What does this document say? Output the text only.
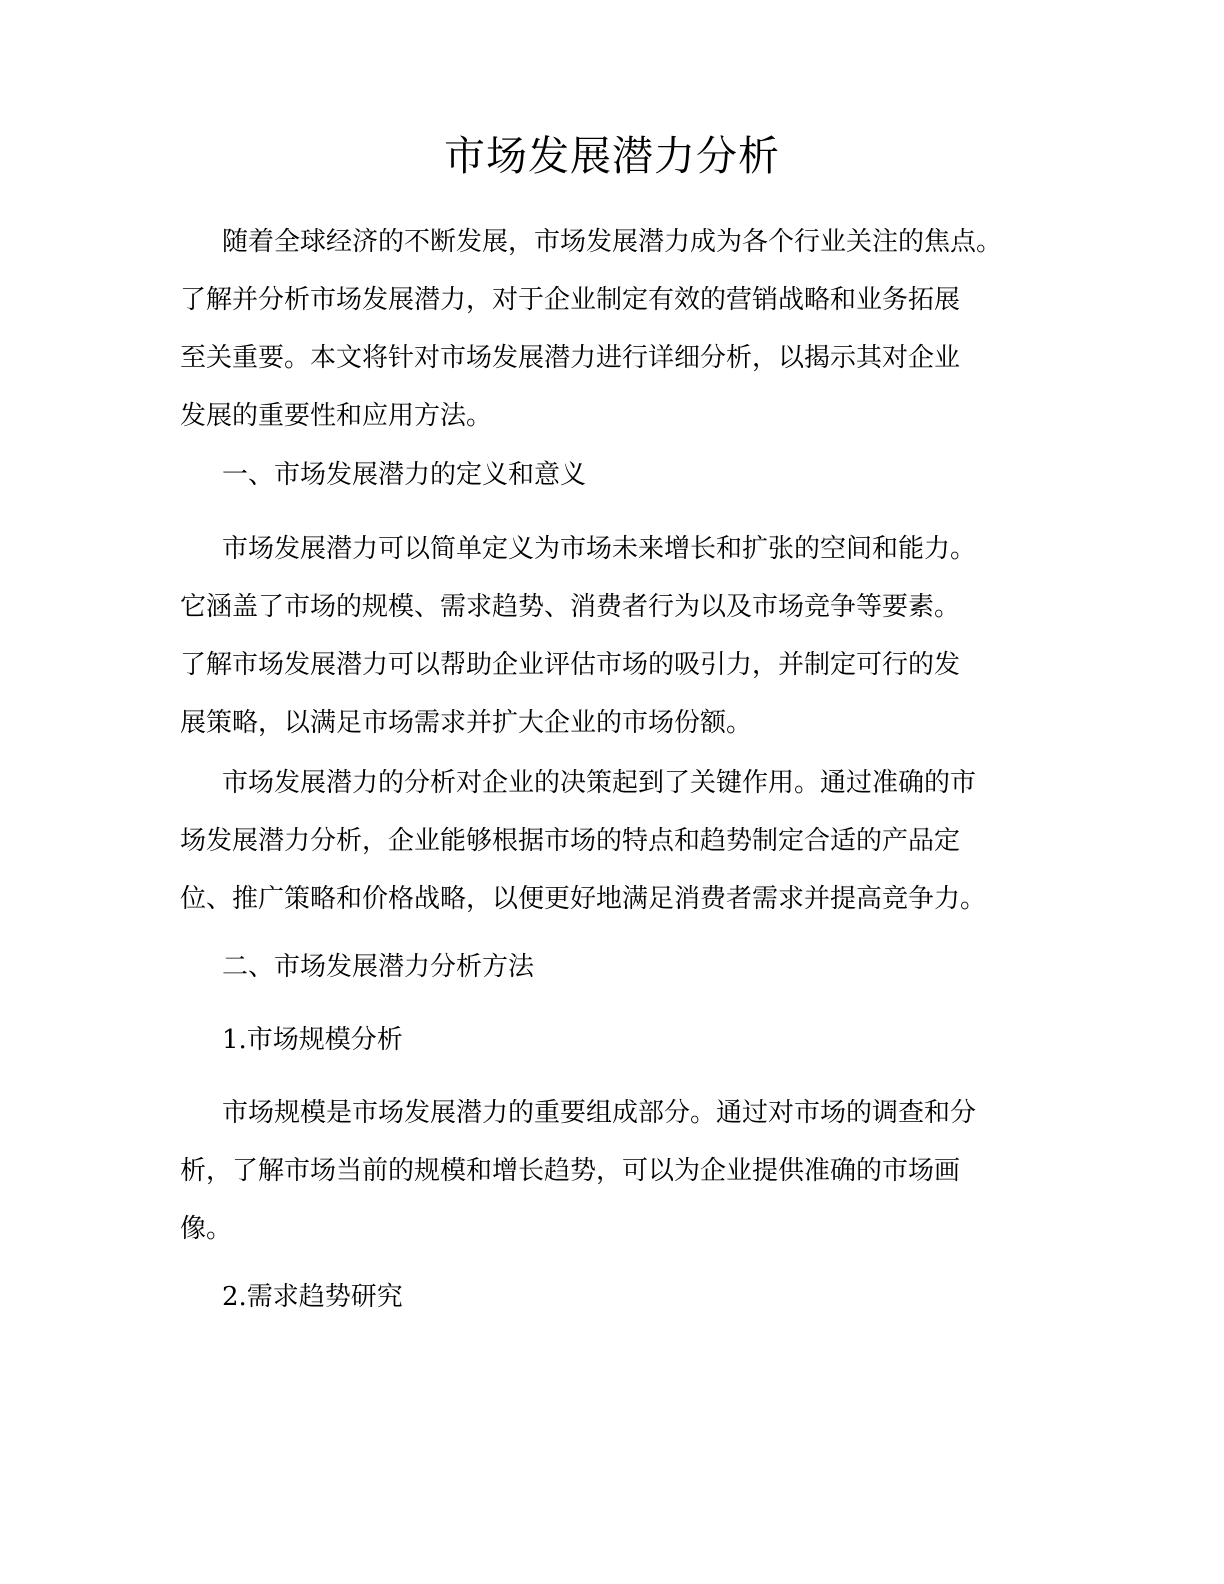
市场发展潜力分析

随着全球经济的不断发展，市场发展潜力成为各个行业关注的焦点。
了解并分析市场发展潜力，对于企业制定有效的营销战略和业务拓展
至关重要。本文将针对市场发展潜力进行详细分析，以揭示其对企业
发展的重要性和应用方法。

一、市场发展潜力的定义和意义

市场发展潜力可以简单定义为市场未来增长和扩张的空间和能力。
它涵盖了市场的规模、需求趋势、消费者行为以及市场竞争等要素。
了解市场发展潜力可以帮助企业评估市场的吸引力，并制定可行的发
展策略，以满足市场需求并扩大企业的市场份额。

市场发展潜力的分析对企业的决策起到了关键作用。通过准确的市
场发展潜力分析，企业能够根据市场的特点和趋势制定合适的产品定
位、推广策略和价格战略，以便更好地满足消费者需求并提高竞争力。

二、市场发展潜力分析方法
1.市场规模分析

市场规模是市场发展潜力的重要组成部分。通过对市场的调查和分
析，了解市场当前的规模和增长趋势，可以为企业提供准确的市场画
像。

2.需求趋势研究
